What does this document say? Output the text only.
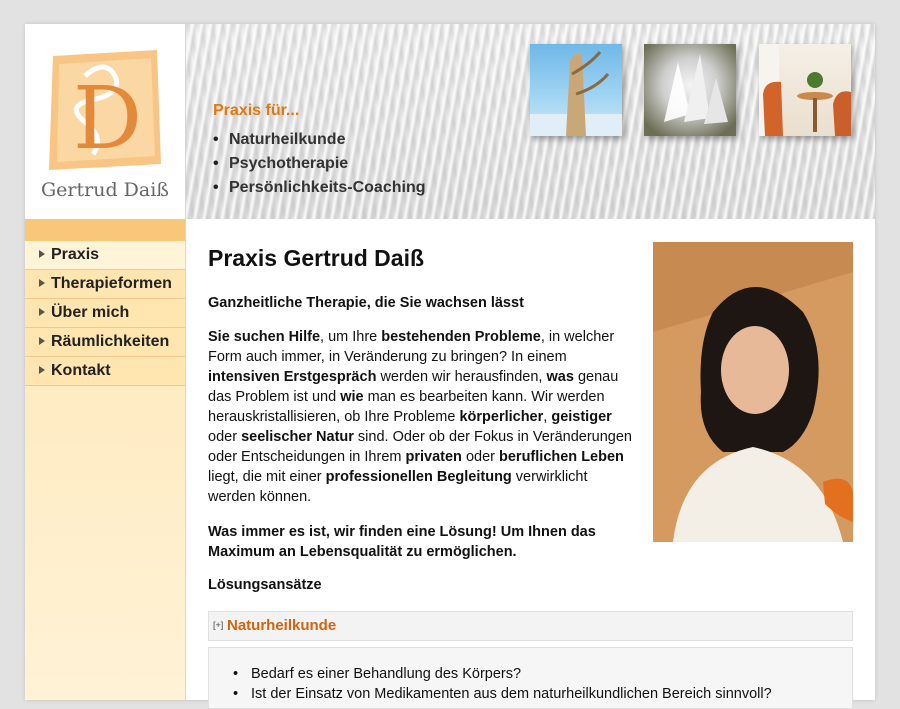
D
Gertrud Daiß
Praxis für...
• Naturheilkunde
• Psychotherapie
• Persönlichkeits-Coaching
Praxis
Therapieformen
Über mich
Räumlichkeiten
Kontakt
Praxis Gertrud Daiß

Ganzheitliche Therapie, die Sie wachsen lässt

Sie suchen Hilfe, um Ihre bestehenden Probleme, in welcher Form auch immer, in Veränderung zu bringen? In einem intensiven Erstgespräch werden wir herausfinden, was genau das Problem ist und wie man es bearbeiten kann. Wir werden herauskristallisieren, ob Ihre Probleme körperlicher, geistiger oder seelischer Natur sind. Oder ob der Fokus in Veränderungen oder Entscheidungen in Ihrem privaten oder beruflichen Leben liegt, die mit einer professionellen Begleitung verwirklicht werden können.

Was immer es ist, wir finden eine Lösung! Um Ihnen das Maximum an Lebensqualität zu ermöglichen.

Lösungsansätze

[+] Naturheilkunde
• Bedarf es einer Behandlung des Körpers?
• Ist der Einsatz von Medikamenten aus dem naturheilkundlichen Bereich sinnvoll?
